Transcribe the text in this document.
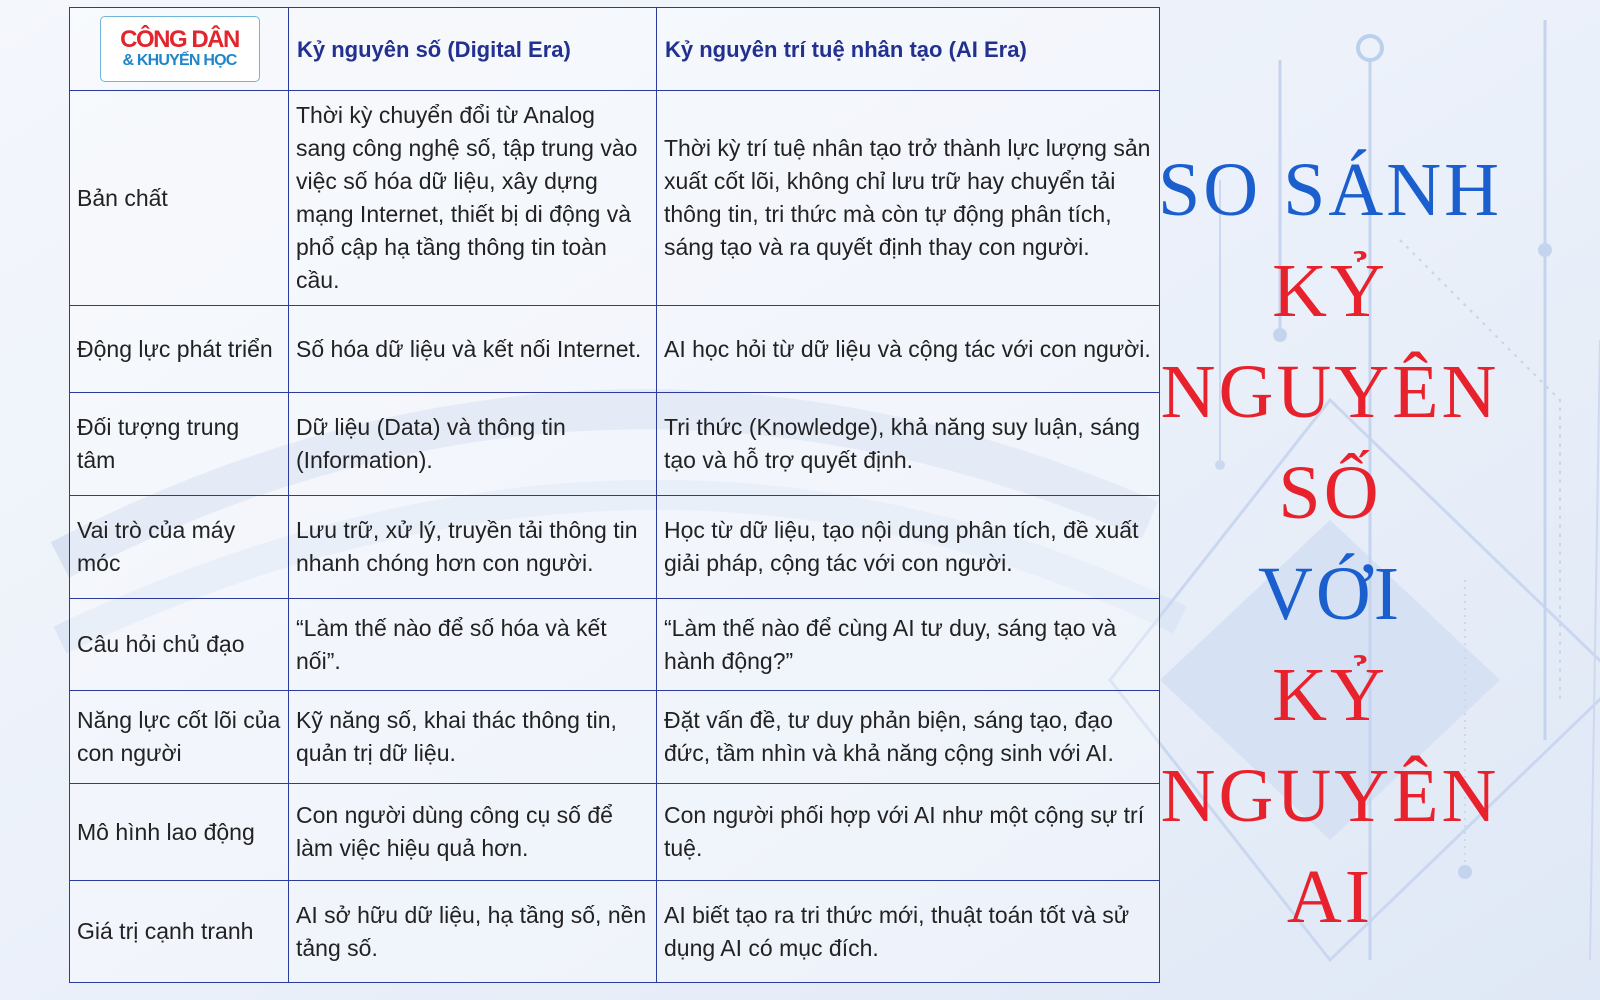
CÔNG DÂN
& KHUYẾN HỌC	Kỷ nguyên số (Digital Era)	Kỷ nguyên trí tuệ nhân tạo (AI Era)
Bản chất	Thời kỳ chuyển đổi từ Analog sang công nghệ số, tập trung vào việc số hóa dữ liệu, xây dựng mạng Internet, thiết bị di động và phổ cập hạ tầng thông tin toàn cầu.	Thời kỳ trí tuệ nhân tạo trở thành lực lượng sản xuất cốt lõi, không chỉ lưu trữ hay chuyển tải thông tin, tri thức mà còn tự động phân tích, sáng tạo và ra quyết định thay con người.
Động lực phát triển	Số hóa dữ liệu và kết nối Internet.	AI học hỏi từ dữ liệu và cộng tác với con người.
Đối tượng trung tâm	Dữ liệu (Data) và thông tin (Information).	Tri thức (Knowledge), khả năng suy luận, sáng tạo và hỗ trợ quyết định.
Vai trò của máy móc	Lưu trữ, xử lý, truyền tải thông tin nhanh chóng hơn con người.	Học từ dữ liệu, tạo nội dung phân tích, đề xuất giải pháp, cộng tác với con người.
Câu hỏi chủ đạo	“Làm thế nào để số hóa và kết nối”.	“Làm thế nào để cùng AI tư duy, sáng tạo và hành động?”
Năng lực cốt lõi của con người	Kỹ năng số, khai thác thông tin, quản trị dữ liệu.	Đặt vấn đề, tư duy phản biện, sáng tạo, đạo đức, tầm nhìn và khả năng cộng sinh với AI.
Mô hình lao động	Con người dùng công cụ số để làm việc hiệu quả hơn.	Con người phối hợp với AI như một cộng sự trí tuệ.
Giá trị cạnh tranh	AI sở hữu dữ liệu, hạ tầng số, nền tảng số.	AI biết tạo ra tri thức mới, thuật toán tốt và sử dụng AI có mục đích.
SO SÁNH
KỶ
NGUYÊN
SỐ
VỚI
KỶ
NGUYÊN
AI
